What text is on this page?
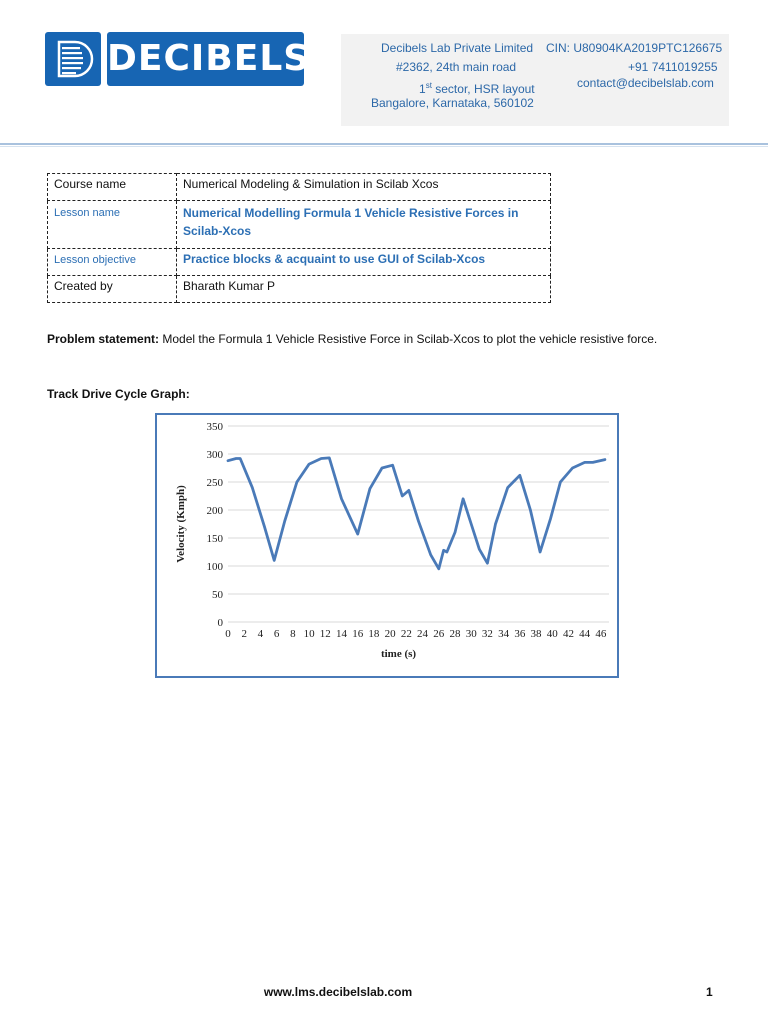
DECIBELS	Decibels Lab Private Limited
#2362, 24th main road
1st sector, HSR layout
Bangalore, Karnataka, 560102
CIN: U80904KA2019PTC126675
+91 7411019255
contact@decibelslab.com
Course name	Numerical Modeling & Simulation in Scilab Xcos
Lesson name	Numerical Modelling Formula 1 Vehicle Resistive Forces in Scilab-Xcos
Lesson objective	Practice blocks & acquaint to use GUI of Scilab-Xcos
Created by	Bharath Kumar P
Problem statement: Model the Formula 1 Vehicle Resistive Force in Scilab-Xcos to plot the vehicle resistive force.
Track Drive Cycle Graph:
0
50
100
150
200
250
300
350
0 2 4 6 8 10 12 14 16 18 20 22 24 26 28 30 32 34 36 38 40 42 44 46
time (s)
Velocity (Kmph)
www.lms.decibelslab.com	1
